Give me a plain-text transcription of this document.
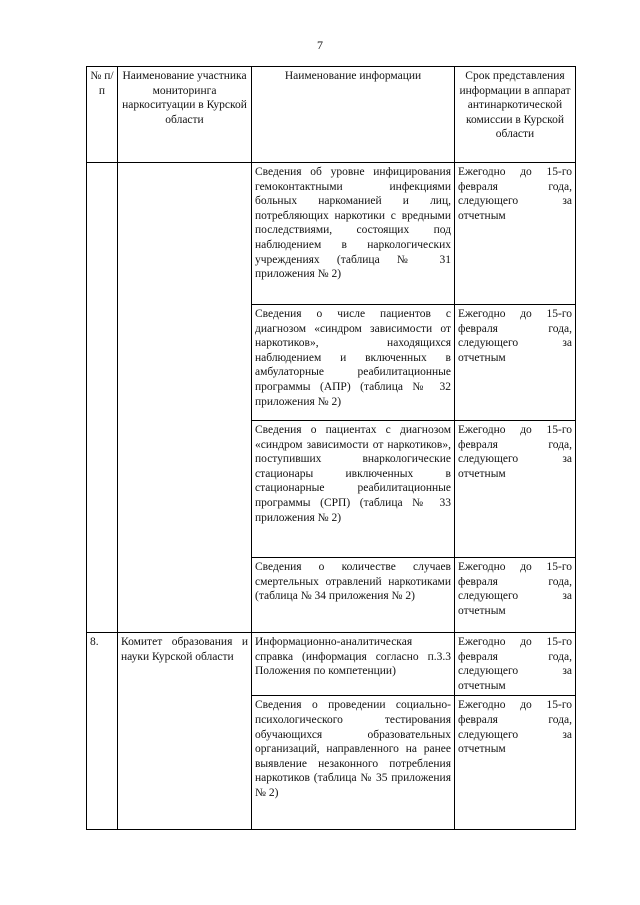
7
№ п/п	Наименование участника мониторинга наркоситуации в Курской области	Наименование информации	Срок представления информации в аппарат антинаркотической комиссии в Курской области
		Сведения об уровне инфицирования гемоконтактными инфекциями больных наркоманией и лиц, потребляющих наркотики с вредными последствиями, состоящих под наблюдением в наркологических учреждениях (таблица № 31 приложения № 2)	Ежегодно до 15-го февраля года, следующего за отчетным
		Сведения о числе пациентов с диагнозом «синдром зависимости от наркотиков», находящихся наблюдением и включенных в амбулаторные реабилитационные программы (АПР) (таблица № 32 приложения № 2)	Ежегодно до 15-го февраля года, следующего за отчетным
		Сведения о пациентах с диагнозом «синдром зависимости от наркотиков», поступивших внаркологические стационары ивключенных в стационарные реабилитационные программы (СРП) (таблица № 33 приложения № 2)	Ежегодно до 15-го февраля года, следующего за отчетным
		Сведения о количестве случаев смертельных отравлений наркотиками (таблица № 34 приложения № 2)	Ежегодно до 15-го февраля года, следующего за отчетным
8.	Комитет образования и науки Курской области	Информационно-аналитическая справка (информация согласно п.3.3 Положения по компетенции)	Ежегодно до 15-го февраля года, следующего за отчетным
		Сведения о проведении социально-психологического тестирования обучающихся образовательных организаций, направленного на ранее выявление незаконного потребления наркотиков (таблица № 35 приложения № 2)	Ежегодно до 15-го февраля года, следующего за отчетным
